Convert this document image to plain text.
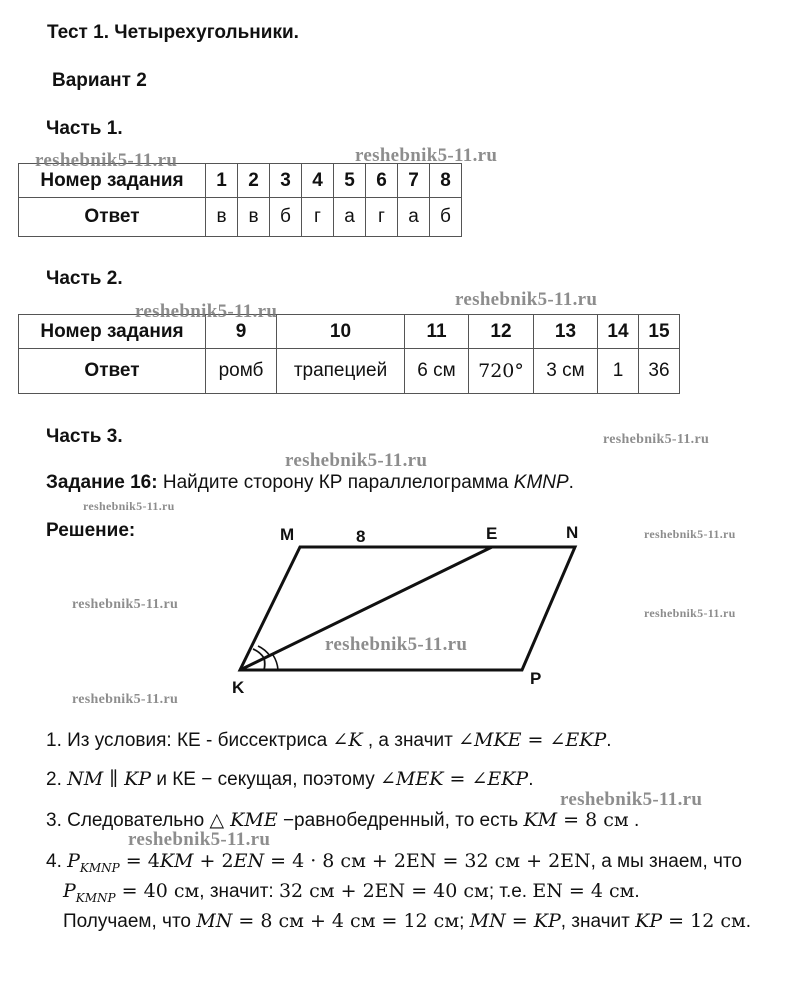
Тест 1. Четырехугольники.
Вариант 2
Часть 1.
Номер задания	1	2	3	4	5	6	7	8
Ответ	в	в	б	г	а	г	а	б
Часть 2.
Номер задания	9	10	11	12	13	14	15
Ответ	ромб	трапецией	6 см	720°	3 см	1	36
Часть 3.
Задание 16: Найдите сторону КР параллелограмма KMNP.
Решение:	M	8	E	N
K	P
1. Из условия: КЕ - биссектриса ∠K , а значит ∠MKE = ∠EKP.
2. NM ∥ KP и КЕ − секущая, поэтому ∠MEK = ∠EKP.
3. Следовательно △ KME −равнобедренный, то есть KM = 8 см .
4. $P_{KMNP} = 4KM + 2EN = 4 \cdot 8$ см + 2EN = 32 см + 2EN, а мы знаем, что
$P_{KMNP} = 40$ см, значит: 32 см + 2EN = 40 см; т.е. EN = 4 см.
Получаем, что MN = 8 см + 4 см = 12 см; MN = KP, значит KP = 12 см.
reshebnik5-11.ru	reshebnik5-11.ru
reshebnik5-11.ru
reshebnik5-11.ru
reshebnik5-11.ru
reshebnik5-11.ru
reshebnik5-11.ru
reshebnik5-11.ru
reshebnik5-11.ru
reshebnik5-11.ru
reshebnik5-11.ru
reshebnik5-11.ru
reshebnik5-11.ru
reshebnik5-11.ru
